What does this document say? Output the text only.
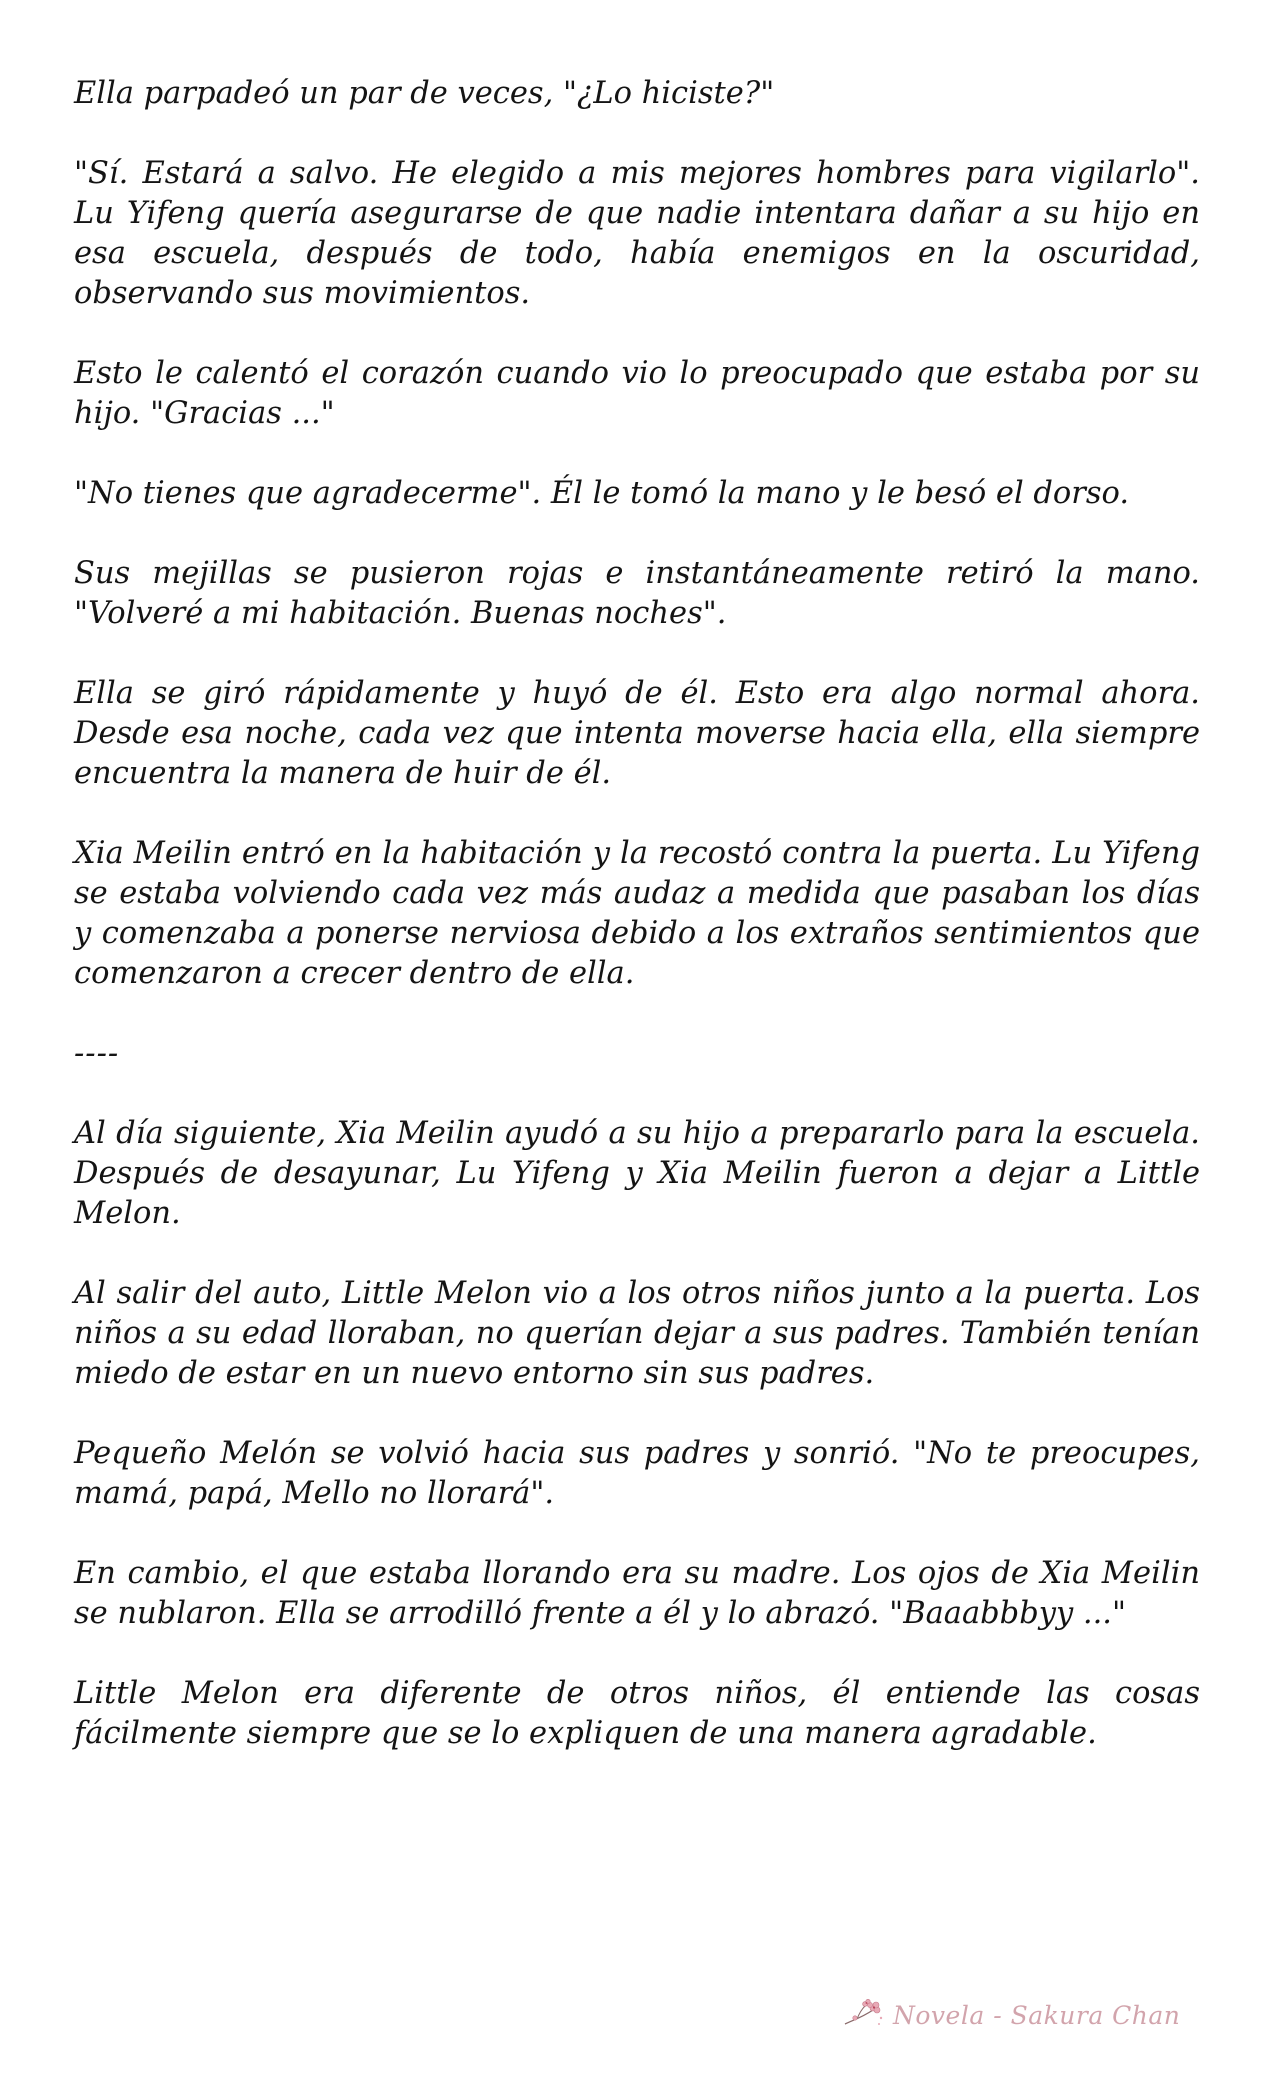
Ella parpadeó un par de veces, "¿Lo hiciste?"

"Sí. Estará a salvo. He elegido a mis mejores hombres para vigilarlo". Lu Yifeng quería asegurarse de que nadie intentara dañar a su hijo en esa escuela, después de todo, había enemigos en la oscuridad, observando sus movimientos.

Esto le calentó el corazón cuando vio lo preocupado que estaba por su hijo. "Gracias ..."

"No tienes que agradecerme". Él le tomó la mano y le besó el dorso.

Sus mejillas se pusieron rojas e instantáneamente retiró la mano. "Volveré a mi habitación. Buenas noches".

Ella se giró rápidamente y huyó de él. Esto era algo normal ahora. Desde esa noche, cada vez que intenta moverse hacia ella, ella siempre encuentra la manera de huir de él.

Xia Meilin entró en la habitación y la recostó contra la puerta. Lu Yifeng se estaba volviendo cada vez más audaz a medida que pasaban los días y comenzaba a ponerse nerviosa debido a los extraños sentimientos que comenzaron a crecer dentro de ella.

----

Al día siguiente, Xia Meilin ayudó a su hijo a prepararlo para la escuela. Después de desayunar, Lu Yifeng y Xia Meilin fueron a dejar a Little Melon.

Al salir del auto, Little Melon vio a los otros niños junto a la puerta. Los niños a su edad lloraban, no querían dejar a sus padres. También tenían miedo de estar en un nuevo entorno sin sus padres.

Pequeño Melón se volvió hacia sus padres y sonrió. "No te preocupes, mamá, papá, Mello no llorará".

En cambio, el que estaba llorando era su madre. Los ojos de Xia Meilin se nublaron. Ella se arrodilló frente a él y lo abrazó. "Baaabbbyy ..."

Little Melon era diferente de otros niños, él entiende las cosas fácilmente siempre que se lo expliquen de una manera agradable.

Novela - Sakura Chan
